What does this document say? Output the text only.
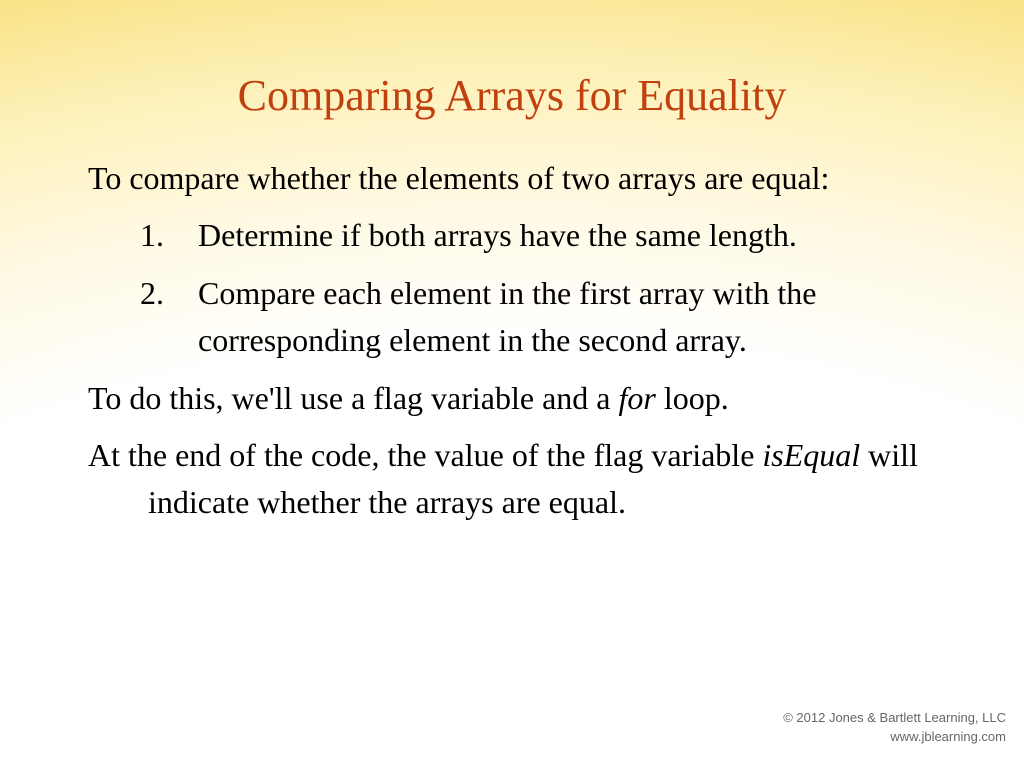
Comparing Arrays for Equality

To compare whether the elements of two arrays are equal:

1. Determine if both arrays have the same length.
2. Compare each element in the first array with the corresponding element in the second array.

To do this, we'll use a flag variable and a for loop.

At the end of the code, the value of the flag variable isEqual will indicate whether the arrays are equal.

© 2012 Jones & Bartlett Learning, LLC
www.jblearning.com
